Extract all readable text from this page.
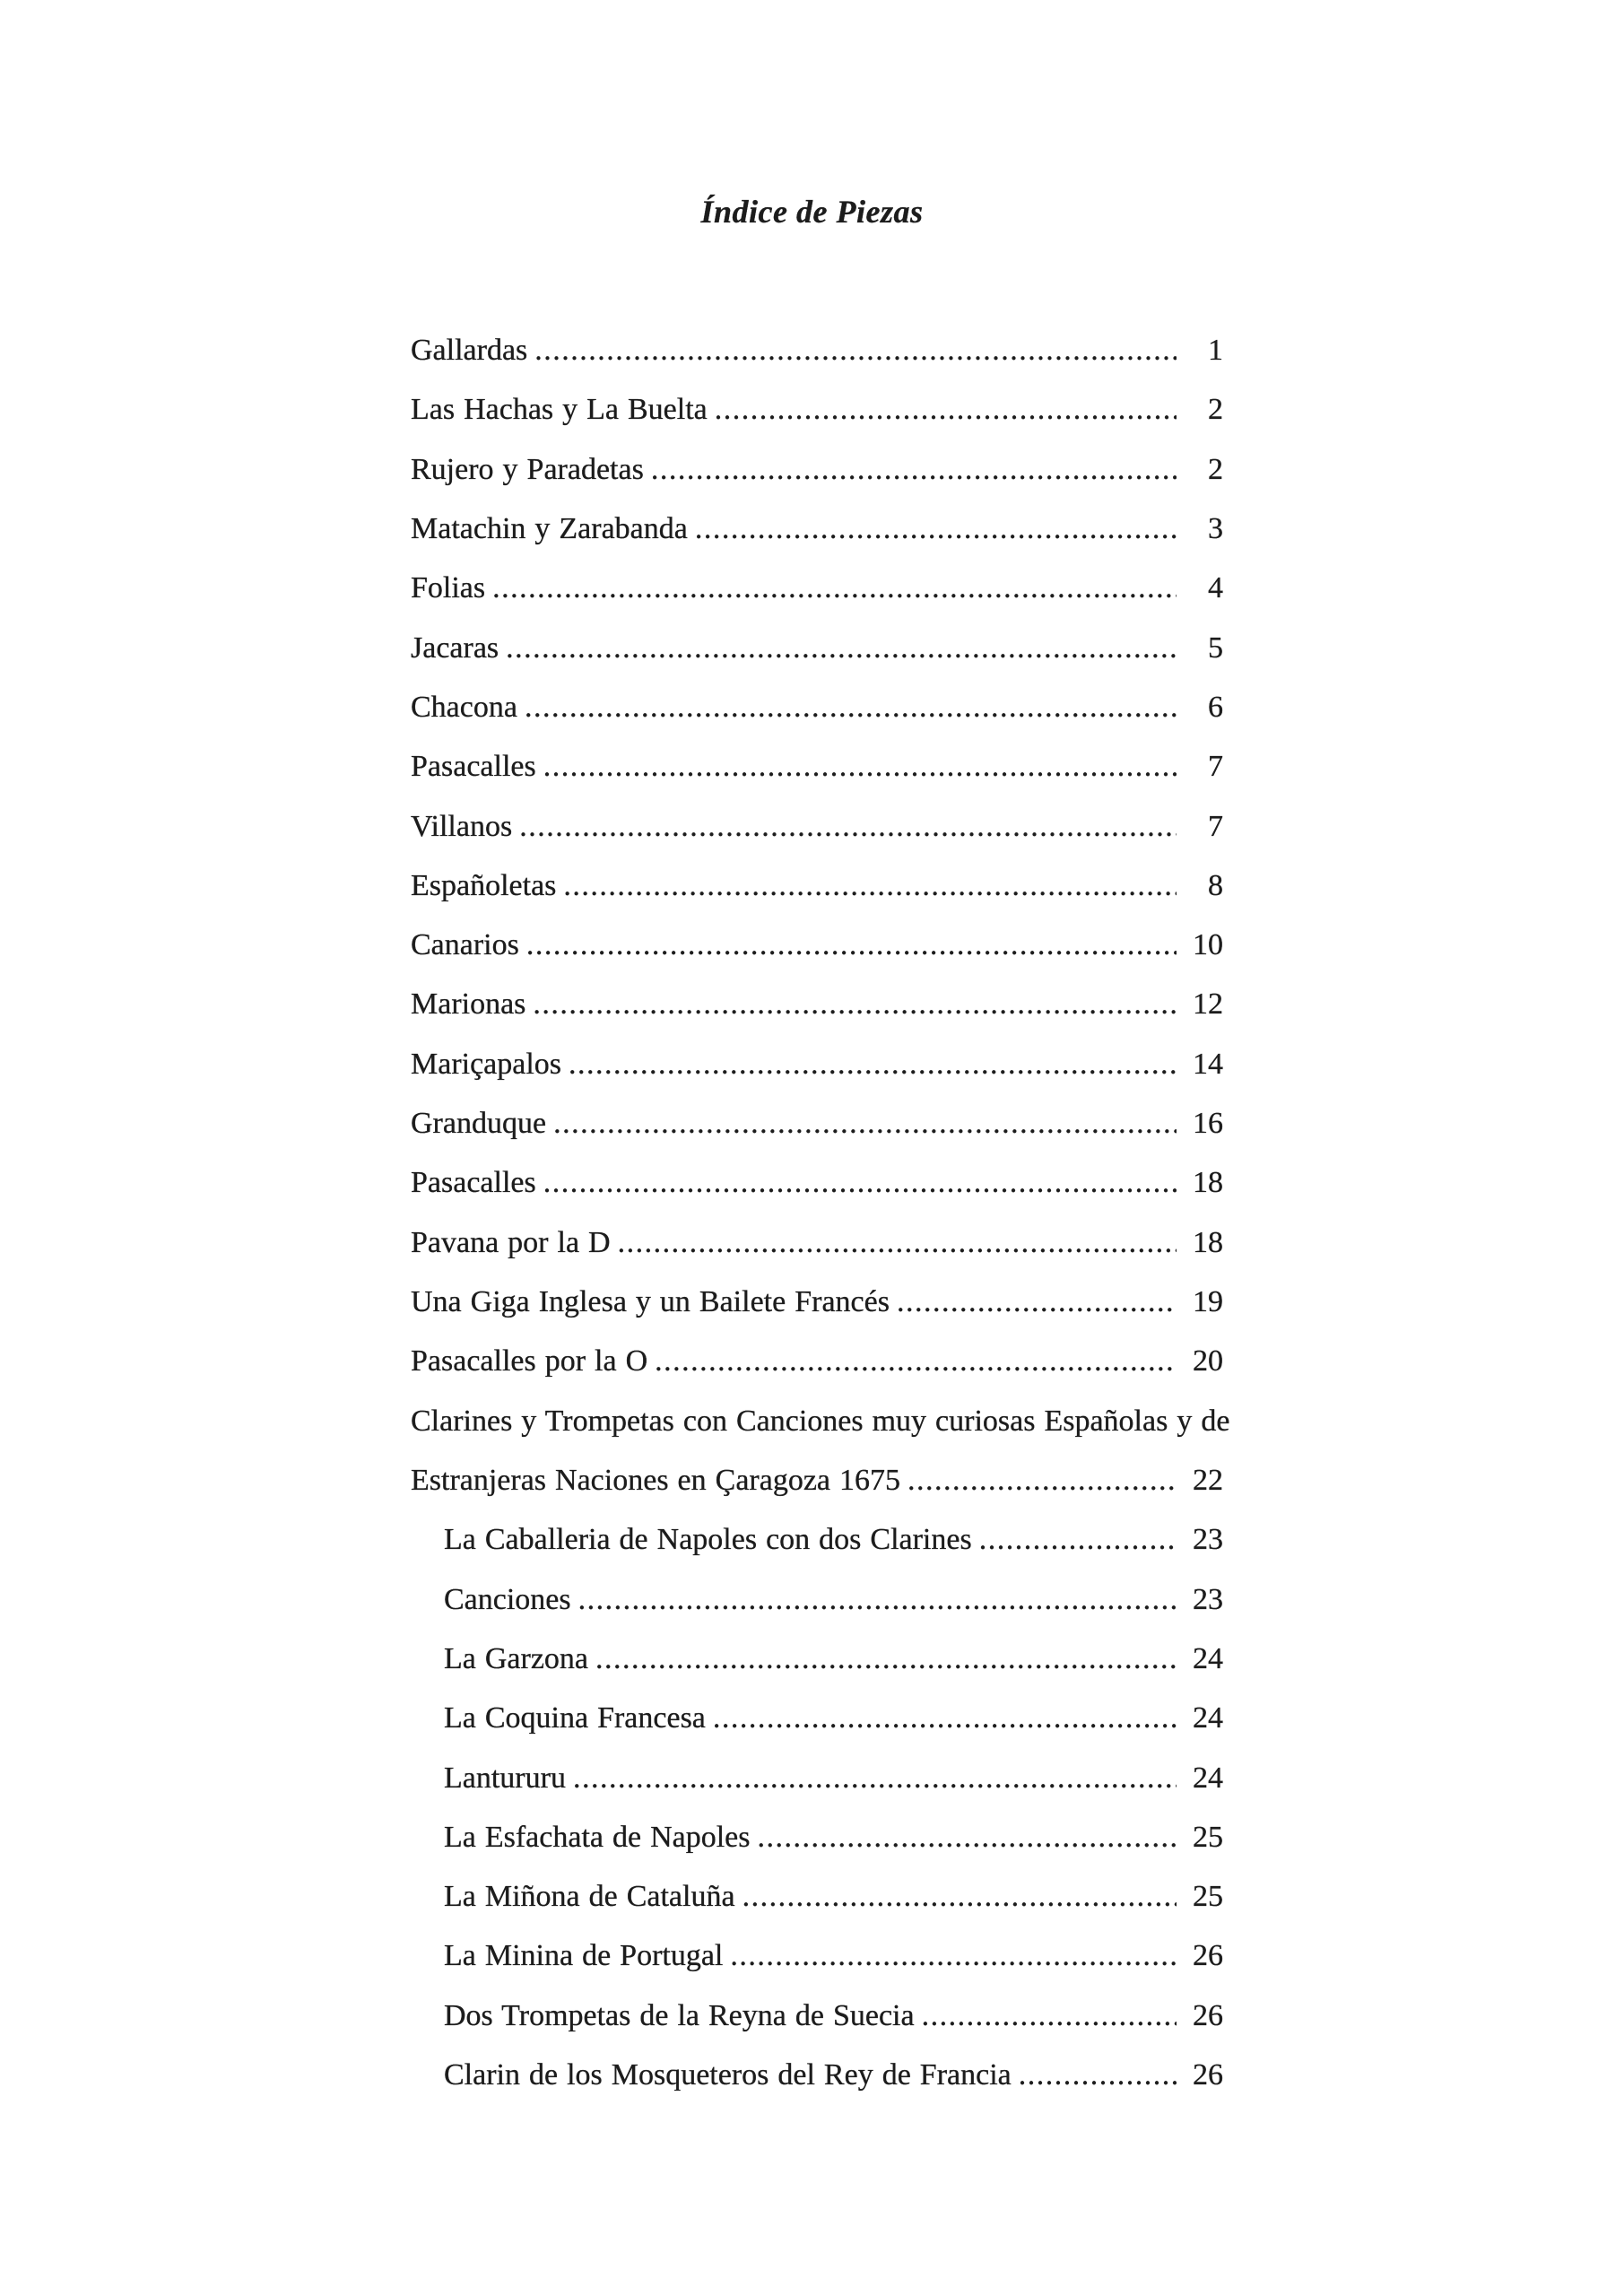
Índice de Piezas
Gallardas .....	1
Las Hachas y La Buelta .....	2
Rujero y Paradetas .....	2
Matachin y Zarabanda .....	3
Folias .....	4
Jacaras .....	5
Chacona .....	6
Pasacalles .....	7
Villanos .....	7
Españoletas .....	8
Canarios .....	10
Marionas .....	12
Mariçapalos .....	14
Granduque .....	16
Pasacalles .....	18
Pavana por la D .....	18
Una Giga Inglesa y un Bailete Francés .....	19
Pasacalles por la O .....	20
Clarines y Trompetas con Canciones muy curiosas Españolas y de
Estranjeras Naciones en Çaragoza 1675 .....	22
La Caballeria de Napoles con dos Clarines .....	23
Canciones .....	23
La Garzona .....	24
La Coquina Francesa .....	24
Lantururu .....	24
La Esfachata de Napoles .....	25
La Miñona de Cataluña .....	25
La Minina de Portugal .....	26
Dos Trompetas de la Reyna de Suecia .....	26
Clarin de los Mosqueteros del Rey de Francia .....	26
